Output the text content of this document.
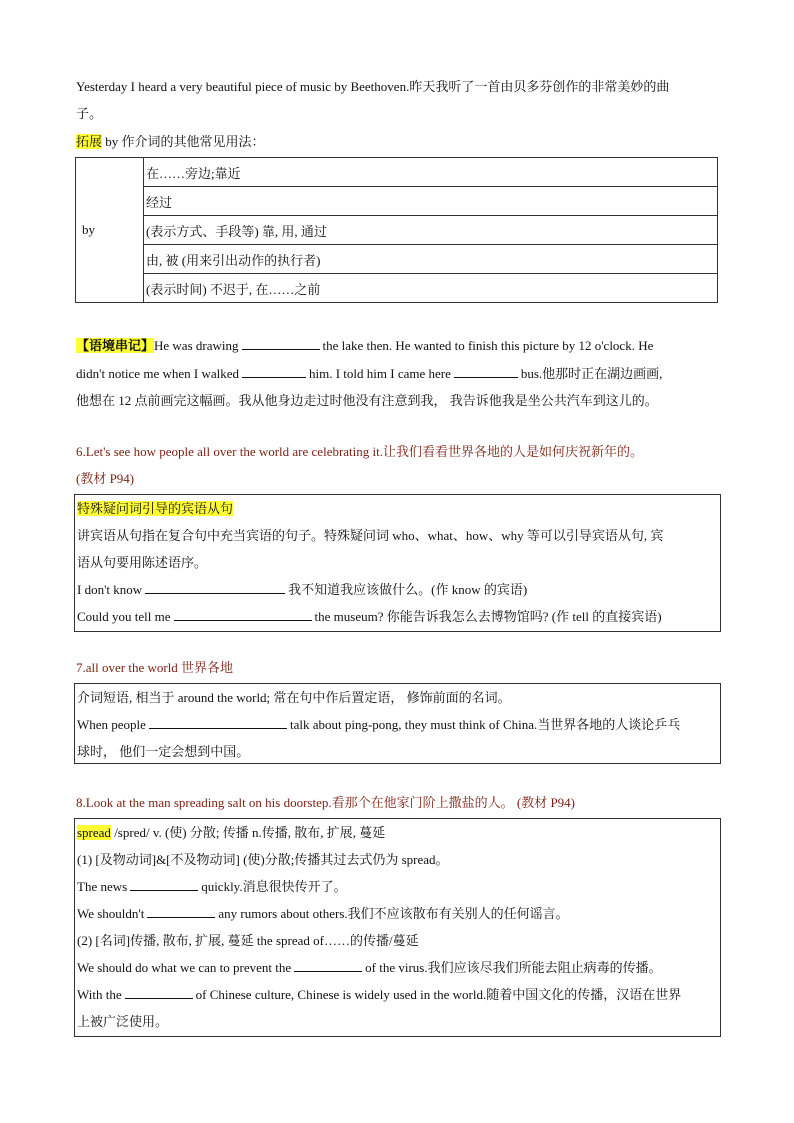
Yesterday I heard a very beautiful piece of music by Beethoven.昨天我听了一首由贝多芬创作的非常美妙的曲
子。
拓展 by 作介词的其他常见用法：
by	在……旁边;靠近
经过
(表示方式、手段等) 靠, 用, 通过
由, 被 (用来引出动作的执行者)
(表示时间) 不迟于, 在……之前
【语境串记】He was drawing	the lake then. He wanted to finish this picture by 12 o'clock. He
didn't notice me when I walked	him. I told him I came here	bus.他那时正在湖边画画,
他想在 12 点前画完这幅画。我从他身边走过时他没有注意到我， 我告诉他我是坐公共汽车到这儿的。
6.Let's see how people all over the world are celebrating it.让我们看看世界各地的人是如何庆祝新年的。
(教材 P94)
特殊疑问词引导的宾语从句
讲宾语从句指在复合句中充当宾语的句子。特殊疑问词 who、what、how、why 等可以引导宾语从句, 宾
语从句要用陈述语序。
I don't know	我不知道我应该做什么。(作 know 的宾语)
Could you tell me	the museum? 你能告诉我怎么去博物馆吗? (作 tell 的直接宾语)
7.all over the world 世界各地
介词短语, 相当于 around the world; 常在句中作后置定语， 修饰前面的名词。
When people	talk about ping-pong, they must think of China.当世界各地的人谈论乒乓
球时， 他们一定会想到中国。
8.Look at the man spreading salt on his doorstep.看那个在他家门阶上撒盐的人。 (教材 P94)
spread /spred/ v. (使) 分散; 传播 n.传播, 散布, 扩展, 蔓延
(1) [及物动词]&[不及物动词] (使)分散;传播其过去式仍为 spread。
The news	quickly.消息很快传开了。
We shouldn't	any rumors about others.我们不应该散布有关别人的任何谣言。
(2) [名词]传播, 散布, 扩展, 蔓延 the spread of……的传播/蔓延
We should do what we can to prevent the	of the virus.我们应该尽我们所能去阻止病毒的传播。
With the	of Chinese culture, Chinese is widely used in the world.随着中国文化的传播，汉语在世界
上被广泛使用。
